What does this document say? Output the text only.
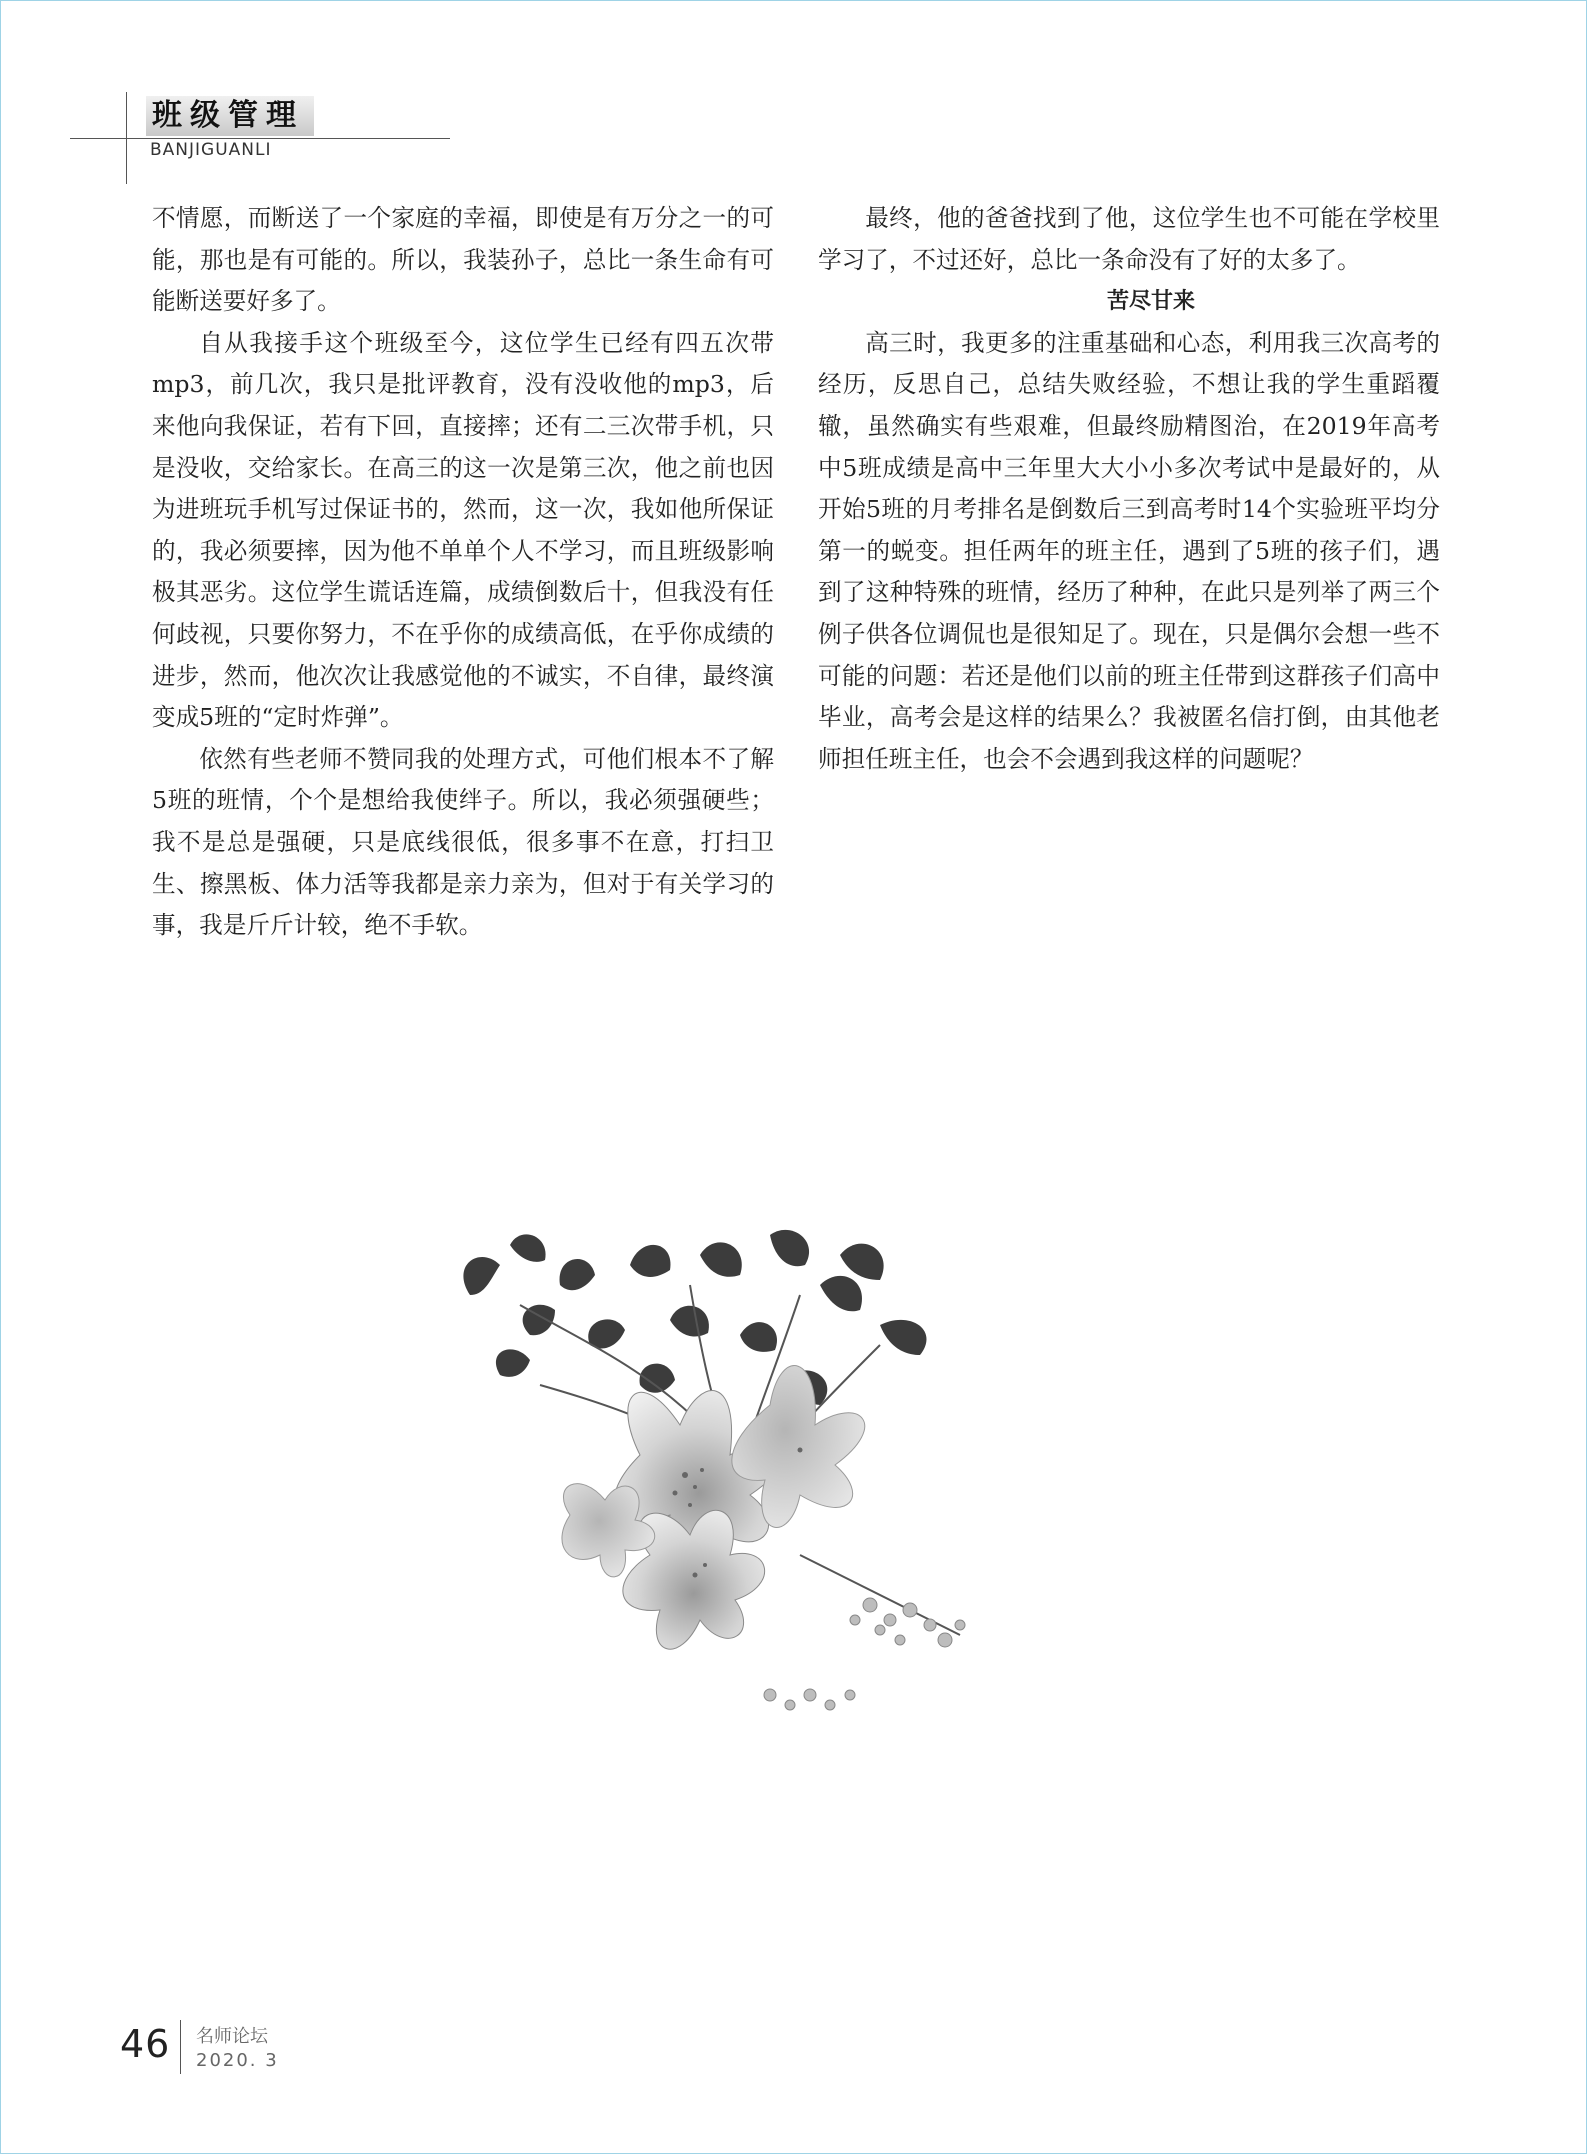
班级管理
BANJIGUANLI

不情愿，而断送了一个家庭的幸福，即使是有万分之一的可能，那也是有可能的。所以，我装孙子，总比一条生命有可能断送要好多了。

自从我接手这个班级至今，这位学生已经有四五次带mp3，前几次，我只是批评教育，没有没收他的mp3，后来他向我保证，若有下回，直接摔；还有二三次带手机，只是没收，交给家长。在高三的这一次是第三次，他之前也因为进班玩手机写过保证书的，然而，这一次，我如他所保证的，我必须要摔，因为他不单单个人不学习，而且班级影响极其恶劣。这位学生谎话连篇，成绩倒数后十，但我没有任何歧视，只要你努力，不在乎你的成绩高低，在乎你成绩的进步，然而，他次次让我感觉他的不诚实，不自律，最终演变成5班的“定时炸弹”。

依然有些老师不赞同我的处理方式，可他们根本不了解5班的班情，个个是想给我使绊子。所以，我必须强硬些；我不是总是强硬，只是底线很低，很多事不在意，打扫卫生、擦黑板、体力活等我都是亲力亲为，但对于有关学习的事，我是斤斤计较，绝不手软。

最终，他的爸爸找到了他，这位学生也不可能在学校里学习了，不过还好，总比一条命没有了好的太多了。

苦尽甘来

高三时，我更多的注重基础和心态，利用我三次高考的经历，反思自己，总结失败经验，不想让我的学生重蹈覆辙，虽然确实有些艰难，但最终励精图治，在2019年高考中5班成绩是高中三年里大大小小多次考试中是最好的，从开始5班的月考排名是倒数后三到高考时14个实验班平均分第一的蜕变。担任两年的班主任，遇到了5班的孩子们，遇到了这种特殊的班情，经历了种种，在此只是列举了两三个例子供各位调侃也是很知足了。现在，只是偶尔会想一些不可能的问题：若还是他们以前的班主任带到这群孩子们高中毕业，高考会是这样的结果么？我被匿名信打倒，由其他老师担任班主任，也会不会遇到我这样的问题呢？

46 名师论坛
2020. 3
